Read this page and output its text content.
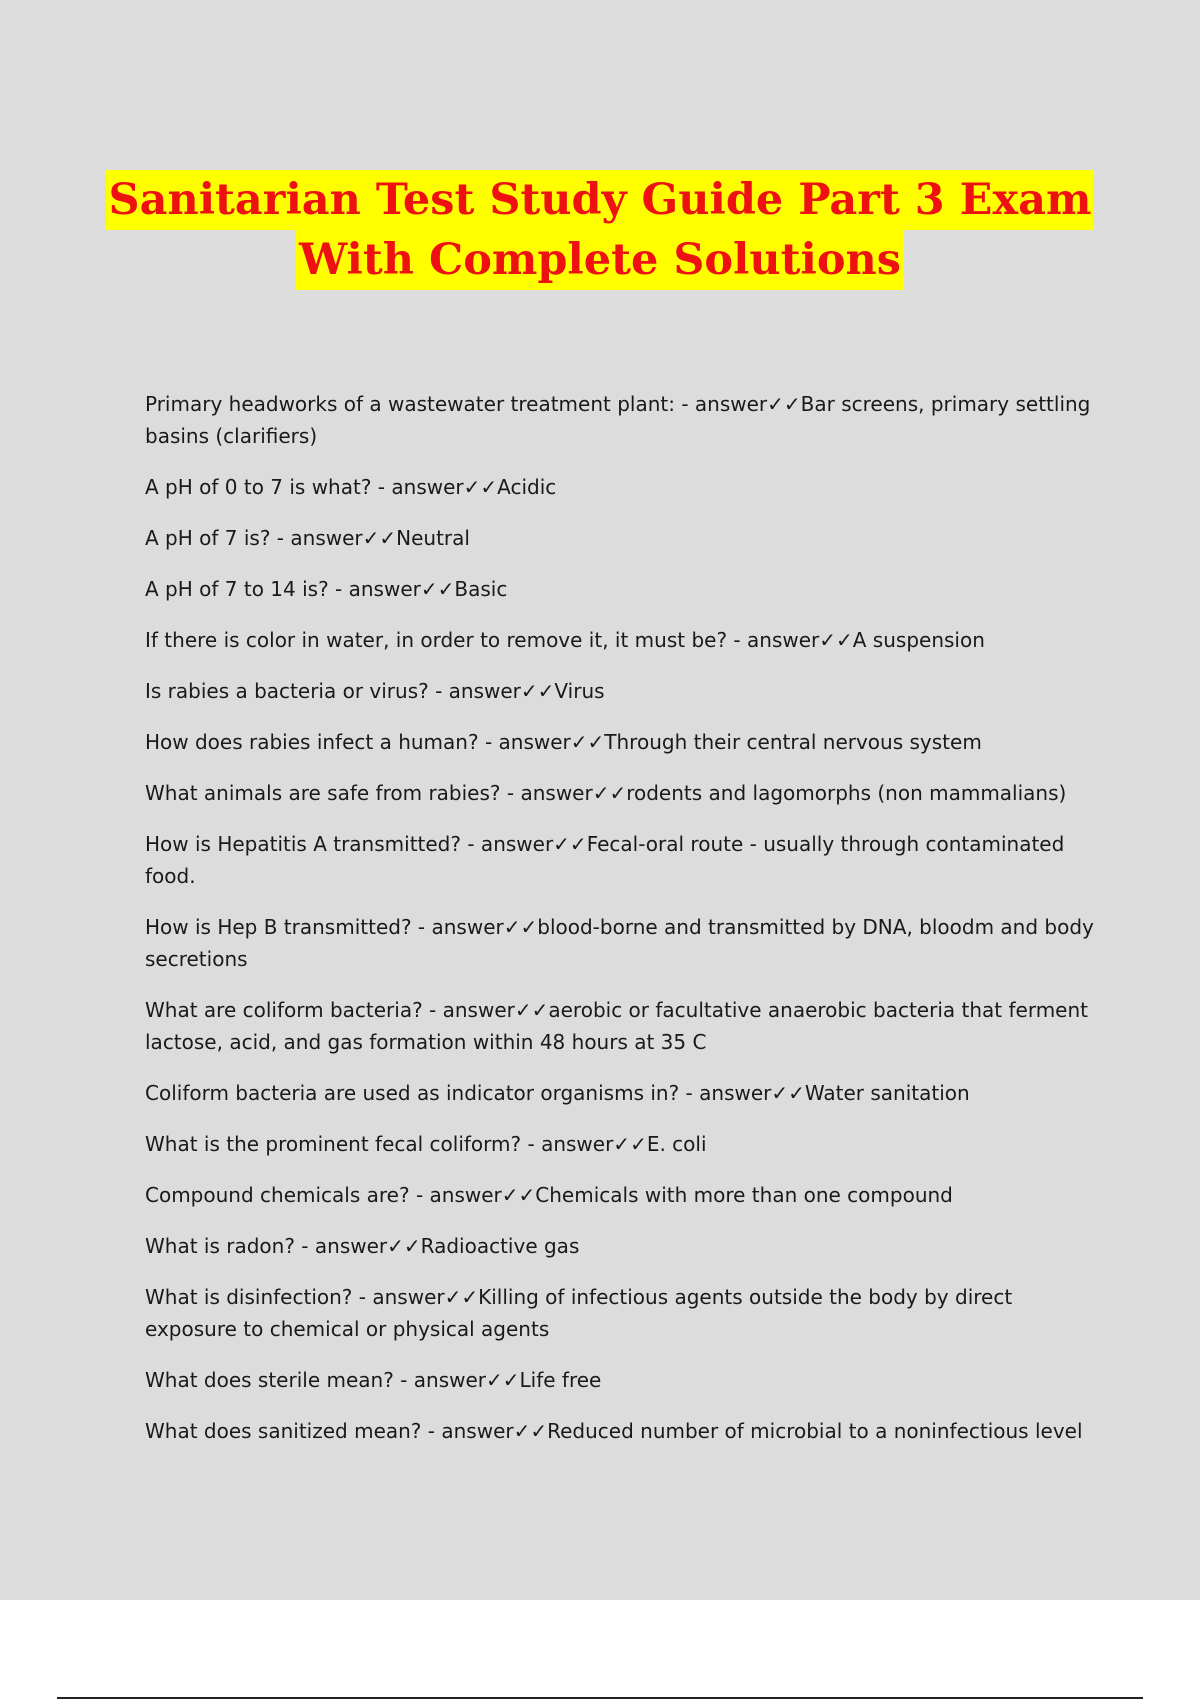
Sanitarian Test Study Guide Part 3 Exam
With Complete Solutions
Primary headworks of a wastewater treatment plant: - answer✓✓Bar screens, primary settling basins (clarifiers)
A pH of 0 to 7 is what? - answer✓✓Acidic
A pH of 7 is? - answer✓✓Neutral
A pH of 7 to 14 is? - answer✓✓Basic
If there is color in water, in order to remove it, it must be? - answer✓✓A suspension
Is rabies a bacteria or virus? - answer✓✓Virus
How does rabies infect a human? - answer✓✓Through their central nervous system
What animals are safe from rabies? - answer✓✓rodents and lagomorphs (non mammalians)
How is Hepatitis A transmitted? - answer✓✓Fecal-oral route - usually through contaminated food.
How is Hep B transmitted? - answer✓✓blood-borne and transmitted by DNA, bloodm and body secretions
What are coliform bacteria? - answer✓✓aerobic or facultative anaerobic bacteria that ferment lactose, acid, and gas formation within 48 hours at 35 C
Coliform bacteria are used as indicator organisms in? - answer✓✓Water sanitation
What is the prominent fecal coliform? - answer✓✓E. coli
Compound chemicals are? - answer✓✓Chemicals with more than one compound
What is radon? - answer✓✓Radioactive gas
What is disinfection? - answer✓✓Killing of infectious agents outside the body by direct exposure to chemical or physical agents
What does sterile mean? - answer✓✓Life free
What does sanitized mean? - answer✓✓Reduced number of microbial to a noninfectious level
